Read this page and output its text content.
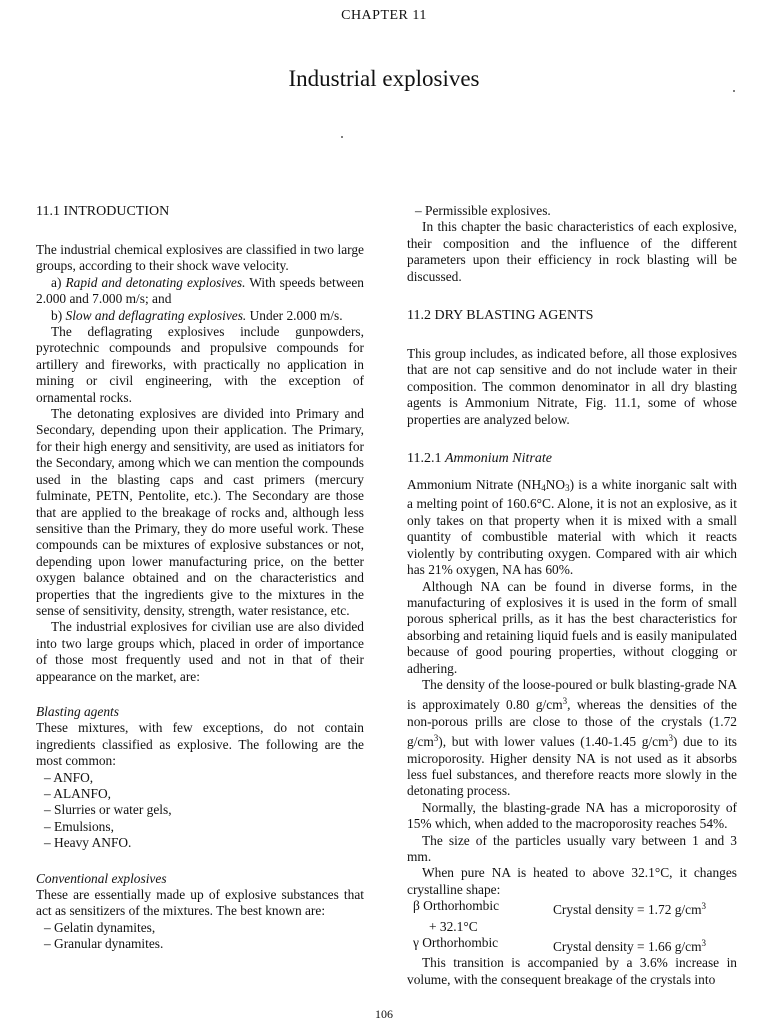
CHAPTER 11
Industrial explosives

11.1 INTRODUCTION

The industrial chemical explosives are classified in two large groups, according to their shock wave velocity.

a) Rapid and detonating explosives. With speeds between 2.000 and 7.000 m/s; and

b) Slow and deflagrating explosives. Under 2.000 m/s.

The deflagrating explosives include gunpowders, pyrotechnic compounds and propulsive compounds for artillery and fireworks, with practically no application in mining or civil engineering, with the exception of ornamental rocks.

The detonating explosives are divided into Primary and Secondary, depending upon their application. The Primary, for their high energy and sensitivity, are used as initiators for the Secondary, among which we can mention the compounds used in the blasting caps and cast primers (mercury fulminate, PETN, Pentolite, etc.). The Secondary are those that are applied to the breakage of rocks and, although less sensitive than the Primary, they do more useful work. These compounds can be mixtures of explosive substances or not, depending upon lower manufacturing price, on the better oxygen balance obtained and on the characteristics and properties that the ingredients give to the mixtures in the sense of sensitivity, density, strength, water resistance, etc.

The industrial explosives for civilian use are also divided into two large groups which, placed in order of importance of those most frequently used and not in that of their appearance on the market, are:

Blasting agents

These mixtures, with few exceptions, do not contain ingredients classified as explosive. The following are the most common:

– ANFO,
– ALANFO,
– Slurries or water gels,
– Emulsions,
– Heavy ANFO.

Conventional explosives

These are essentially made up of explosive substances that act as sensitizers of the mixtures. The best known are:

– Gelatin dynamites,
– Granular dynamites.
– Permissible explosives.

In this chapter the basic characteristics of each explosive, their composition and the influence of the different parameters upon their efficiency in rock blasting will be discussed.

11.2 DRY BLASTING AGENTS

This group includes, as indicated before, all those explosives that are not cap sensitive and do not include water in their composition. The common denominator in all dry blasting agents is Ammonium Nitrate, Fig. 11.1, some of whose properties are analyzed below.

11.2.1 Ammonium Nitrate

Ammonium Nitrate $(NH_4NO_3)$ is a white inorganic salt with a melting point of 160.6°C. Alone, it is not an explosive, as it only takes on that property when it is mixed with a small quantity of combustible material with which it reacts violently by contributing oxygen. Compared with air which has 21% oxygen, NA has 60%.

Although NA can be found in diverse forms, in the manufacturing of explosives it is used in the form of small porous spherical prills, as it has the best characteristics for absorbing and retaining liquid fuels and is easily manipulated because of good pouring properties, without clogging or adhering.

The density of the loose-poured or bulk blasting-grade NA is approximately 0.80 $g/cm^3$, whereas the densities of the non-porous prills are close to those of the crystals (1.72 $g/cm^3$), but with lower values (1.40-1.45 $g/cm^3$) due to its microporosity. Higher density NA is not used as it absorbs less fuel substances, and therefore reacts more slowly in the detonating process.

Normally, the blasting-grade NA has a microporosity of 15% which, when added to the macroporosity reaches 54%.

The size of the particles usually vary between 1 and 3 mm.

When pure NA is heated to above 32.1°C, it changes crystalline shape:

β Orthorhombic	Crystal density = 1.72 $g/cm^3$
+ 32.1°C
γ Orthorhombic	Crystal density = 1.66 $g/cm^3$

This transition is accompanied by a 3.6% increase in volume, with the consequent breakage of the crystals into

106
